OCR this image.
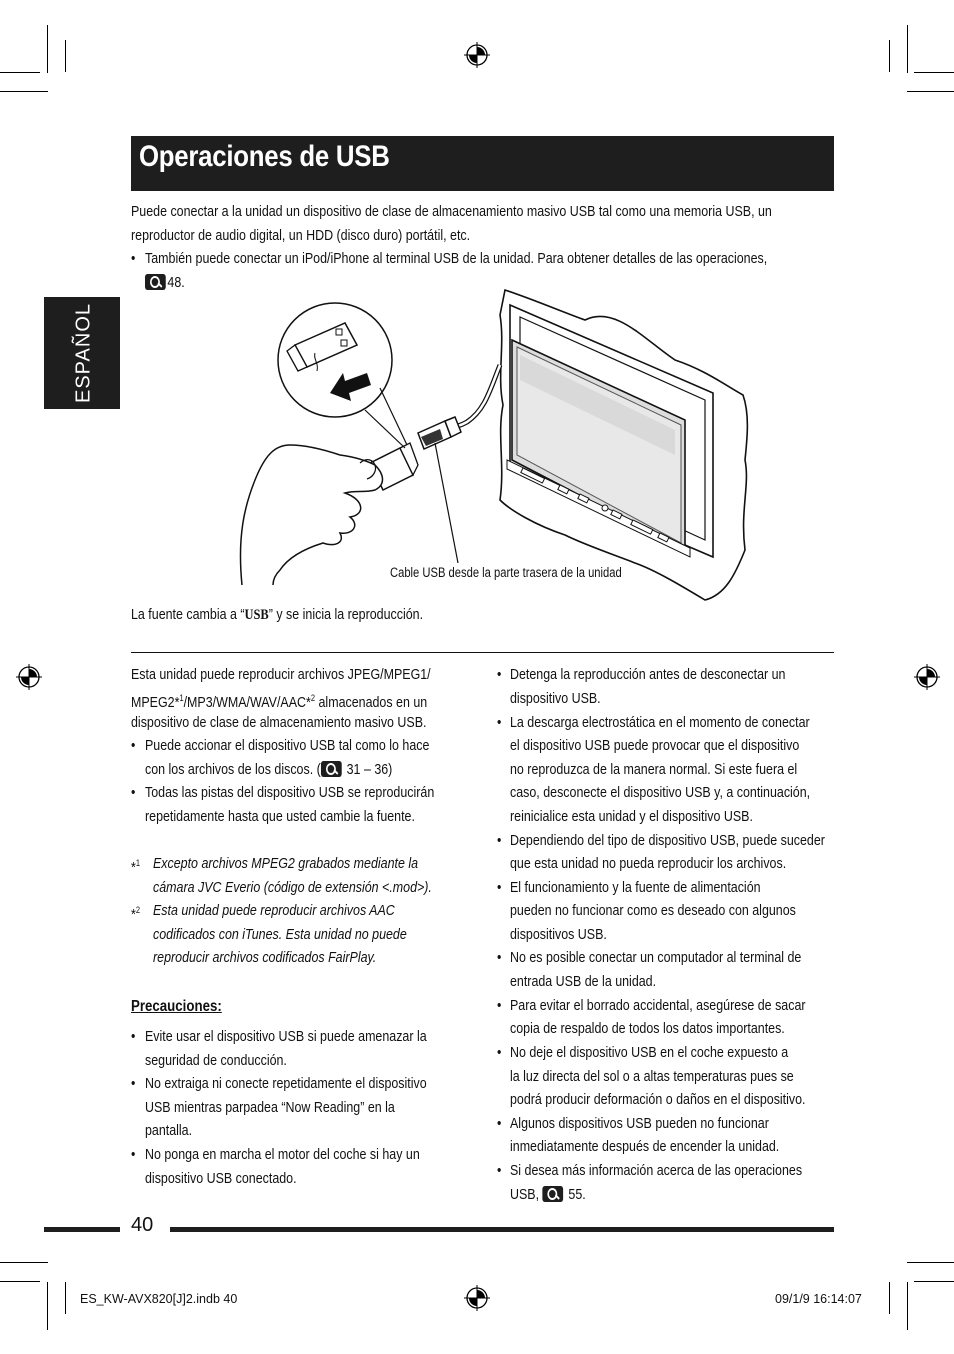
Operaciones de USB
ESPAÑOL
Puede conectar a la unidad un dispositivo de clase de almacenamiento masivo USB tal como una memoria USB, un
reproductor de audio digital, un HDD (disco duro) portátil, etc.
• También puede conectar un iPod/iPhone al terminal USB de la unidad. Para obtener detalles de las operaciones,
48.
Cable USB desde la parte trasera de la unidad
La fuente cambia a “USB” y se inicia la reproducción.
Esta unidad puede reproducir archivos JPEG/MPEG1/
MPEG2*$^1$/MP3/WMA/WAV/AAC*$^2$ almacenados en un
dispositivo de clase de almacenamiento masivo USB.
• Puede accionar el dispositivo USB tal como lo hace
con los archivos de los discos. ( 31 – 36)
• Todas las pistas del dispositivo USB se reproducirán
repetidamente hasta que usted cambie la fuente.
*$^1$ Excepto archivos MPEG2 grabados mediante la
cámara JVC Everio (código de extensión <.mod>).
*$^2$ Esta unidad puede reproducir archivos AAC
codificados con iTunes. Esta unidad no puede
reproducir archivos codificados FairPlay.
Precauciones:
• Evite usar el dispositivo USB si puede amenazar la
seguridad de conducción.
• No extraiga ni conecte repetidamente el dispositivo
USB mientras parpadea “Now Reading” en la
pantalla.
• No ponga en marcha el motor del coche si hay un
dispositivo USB conectado.
• Detenga la reproducción antes de desconectar un
dispositivo USB.
• La descarga electrostática en el momento de conectar
el dispositivo USB puede provocar que el dispositivo
no reproduzca de la manera normal. Si este fuera el
caso, desconecte el dispositivo USB y, a continuación,
reinicialice esta unidad y el dispositivo USB.
• Dependiendo del tipo de dispositivo USB, puede suceder
que esta unidad no pueda reproducir los archivos.
• El funcionamiento y la fuente de alimentación
pueden no funcionar como es deseado con algunos
dispositivos USB.
• No es posible conectar un computador al terminal de
entrada USB de la unidad.
• Para evitar el borrado accidental, asegúrese de sacar
copia de respaldo de todos los datos importantes.
• No deje el dispositivo USB en el coche expuesto a
la luz directa del sol o a altas temperaturas pues se
podrá producir deformación o daños en el dispositivo.
• Algunos dispositivos USB pueden no funcionar
inmediatamente después de encender la unidad.
• Si desea más información acerca de las operaciones
USB,  55.
40
ES_KW-AVX820[J]2.indb 40	09/1/9 16:14:07
